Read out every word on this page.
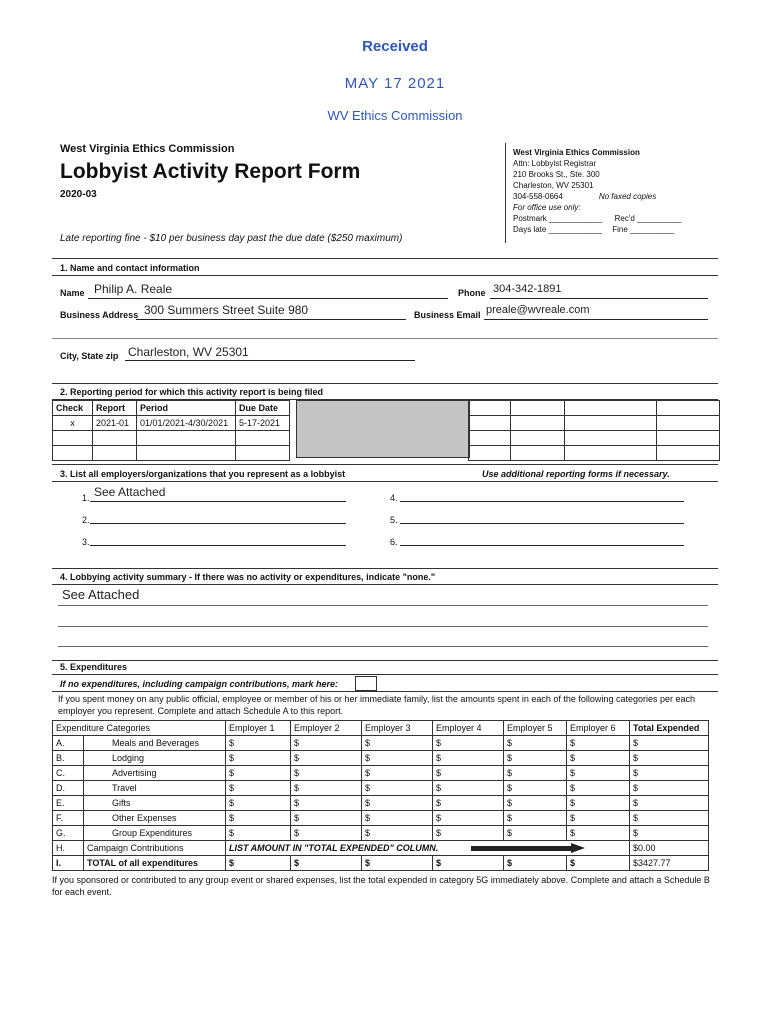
Received
MAY 17 2021
WV Ethics Commission
West Virginia Ethics Commission
Lobbyist Activity Report Form
2020-03
Late reporting fine - $10 per business day past the due date ($250 maximum)
West Virginia Ethics Commission
Attn: Lobbyist Registrar
210 Brooks St., Ste. 300
Charleston, WV 25301
304-558-0664	No faxed copies
For office use only:
Postmark ____________ Rec'd __________
Days late ____________ Fine __________
1. Name and contact information
Name Philip A. Reale	Phone 304-342-1891
Business Address 300 Summers Street Suite 980	Business Email preale@wvreale.com
City, State zip Charleston, WV 25301
2. Reporting period for which this activity report is being filed
Check	Report	Period	Due Date
x	2021-01	01/01/2021-4/30/2021	5-17-2021

3. List all employers/organizations that you represent as a lobbyist	Use additional reporting forms if necessary.
1. See Attached	4.
2.	5.
3.	6.
4. Lobbying activity summary - If there was no activity or expenditures, indicate "none."
See Attached
5. Expenditures
If no expenditures, including campaign contributions, mark here:
If you spent money on any public official, employee or member of his or her immediate family, list the amounts spent in each of the following categories per each employer you represent. Complete and attach Schedule A to this report.
Expenditure Categories		Employer 1	Employer 2	Employer 3	Employer 4	Employer 5	Employer 6	Total Expended
A.	Meals and Beverages	$	$	$	$	$	$	$
B.	Lodging	$	$	$	$	$	$	$
C.	Advertising	$	$	$	$	$	$	$
D.	Travel	$	$	$	$	$	$	$
E.	Gifts	$	$	$	$	$	$	$
F.	Other Expenses	$	$	$	$	$	$	$
G.	Group Expenditures	$	$	$	$	$	$	$
H.	Campaign Contributions	LIST AMOUNT IN "TOTAL EXPENDED" COLUMN.						$0.00
I.	TOTAL of all expenditures	$	$	$	$	$	$	$3427.77
If you sponsored or contributed to any group event or shared expenses, list the total expended in category 5G immediately above. Complete and attach a Schedule B for each event.
